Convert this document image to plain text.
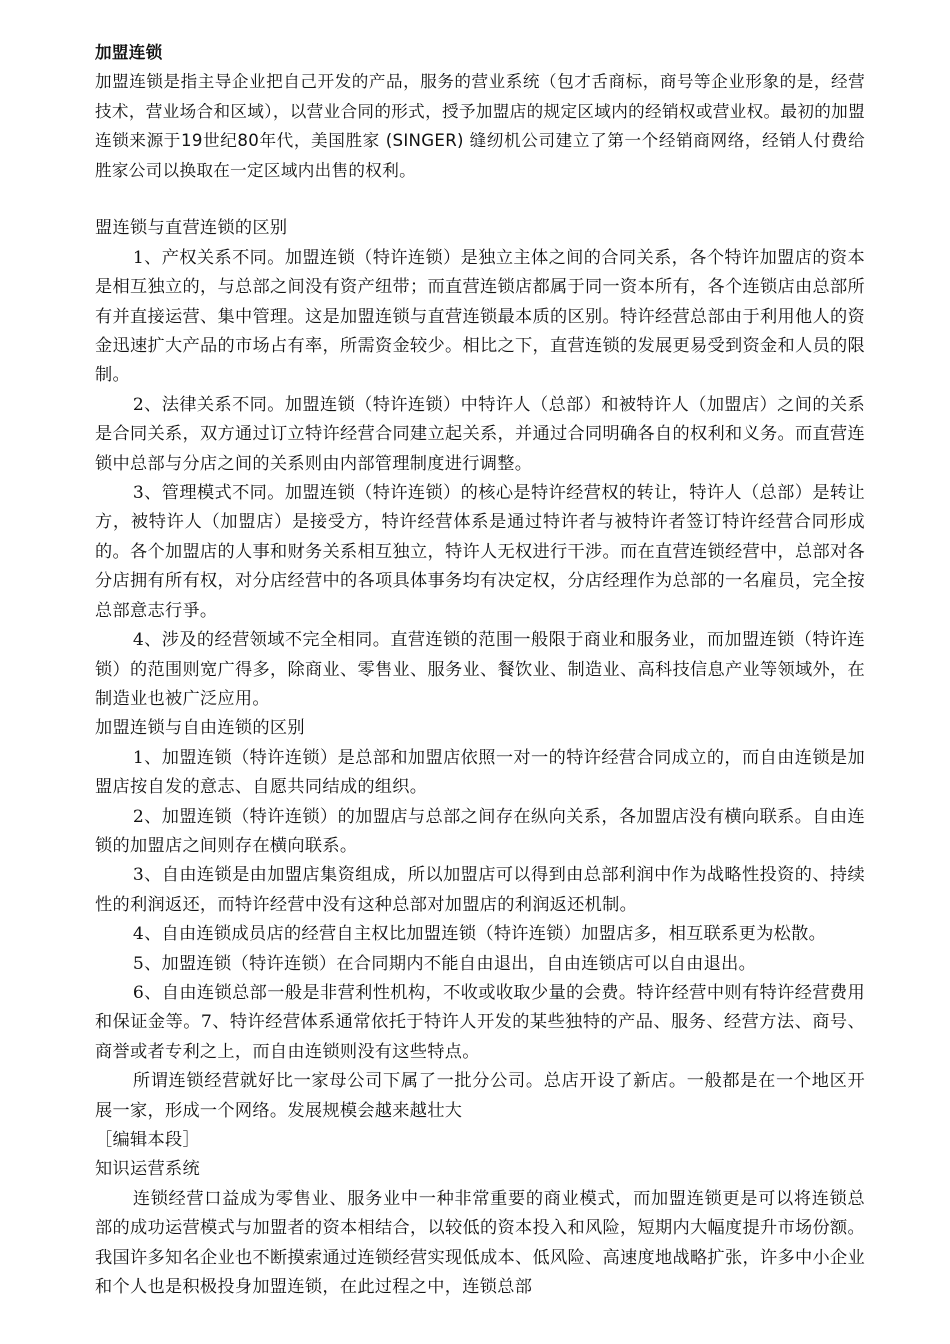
加盟连锁

加盟连锁是指主导企业把自己开发的产品，服务的营业系统（包才舌商标，商号等企业形象的是，经营技术，营业场合和区域），以营业合同的形式，授予加盟店的规定区域内的经销权或营业权。最初的加盟连锁来源于19世纪80年代，美国胜家 (SINGER) 缝纫机公司建立了第一个经销商网络，经销人付费给胜家公司以换取在一定区域内出售的权利。

盟连锁与直营连锁的区别

1、产权关系不同。加盟连锁（特许连锁）是独立主体之间的合同关系，各个特许加盟店的资本是相互独立的，与总部之间没有资产纽带；而直营连锁店都属于同一资本所有，各个连锁店由总部所有并直接运营、集中管理。这是加盟连锁与直营连锁最本质的区别。特许经营总部由于利用他人的资金迅速扩大产品的市场占有率，所需资金较少。相比之下，直营连锁的发展更易受到资金和人员的限制。

2、法律关系不同。加盟连锁（特许连锁）中特许人（总部）和被特许人（加盟店）之间的关系是合同关系，双方通过订立特许经营合同建立起关系，并通过合同明确各自的权利和义务。而直营连锁中总部与分店之间的关系则由内部管理制度进行调整。

3、管理模式不同。加盟连锁（特许连锁）的核心是特许经营权的转让，特许人（总部）是转让方，被特许人（加盟店）是接受方，特许经营体系是通过特许者与被特许者签订特许经营合同形成的。各个加盟店的人事和财务关系相互独立，特许人无权进行干涉。而在直营连锁经营中，总部对各分店拥有所有权，对分店经营中的各项具体事务均有决定权，分店经理作为总部的一名雇员，完全按总部意志行爭。

4、涉及的经营领域不完全相同。直营连锁的范围一般限于商业和服务业，而加盟连锁（特许连锁）的范围则宽广得多，除商业、零售业、服务业、餐饮业、制造业、高科技信息产业等领域外，在制造业也被广泛应用。

加盟连锁与自由连锁的区别

1、加盟连锁（特许连锁）是总部和加盟店依照一对一的特许经营合同成立的，而自由连锁是加盟店按自发的意志、自愿共同结成的组织。

2、加盟连锁（特许连锁）的加盟店与总部之间存在纵向关系，各加盟店没有横向联系。自由连锁的加盟店之间则存在横向联系。

3、自由连锁是由加盟店集资组成，所以加盟店可以得到由总部利润中作为战略性投资的、持续性的利润返还，而特许经营中没有这种总部对加盟店的利润返还机制。

4、自由连锁成员店的经营自主权比加盟连锁（特许连锁）加盟店多，相互联系更为松散。

5、加盟连锁（特许连锁）在合同期内不能自由退出，自由连锁店可以自由退出。

6、自由连锁总部一般是非营利性机构，不收或收取少量的会费。特许经营中则有特许经营费用和保证金等。7、特许经营体系通常依托于特许人开发的某些独特的产品、服务、经营方法、商号、商誉或者专利之上，而自由连锁则没有这些特点。

所谓连锁经营就好比一家母公司下属了一批分公司。总店开设了新店。一般都是在一个地区开展一家，形成一个网络。发展规模会越来越壮大

［编辑本段］

知识运营系统

连锁经营口益成为零售业、服务业中一种非常重要的商业模式，而加盟连锁更是可以将连锁总部的成功运营模式与加盟者的资本相结合，以较低的资本投入和风险，短期内大幅度提升市场份额。我国许多知名企业也不断摸索通过连锁经营实现低成本、低风险、高速度地战略扩张，许多中小企业和个人也是积极投身加盟连锁，在此过程之中，连锁总部
